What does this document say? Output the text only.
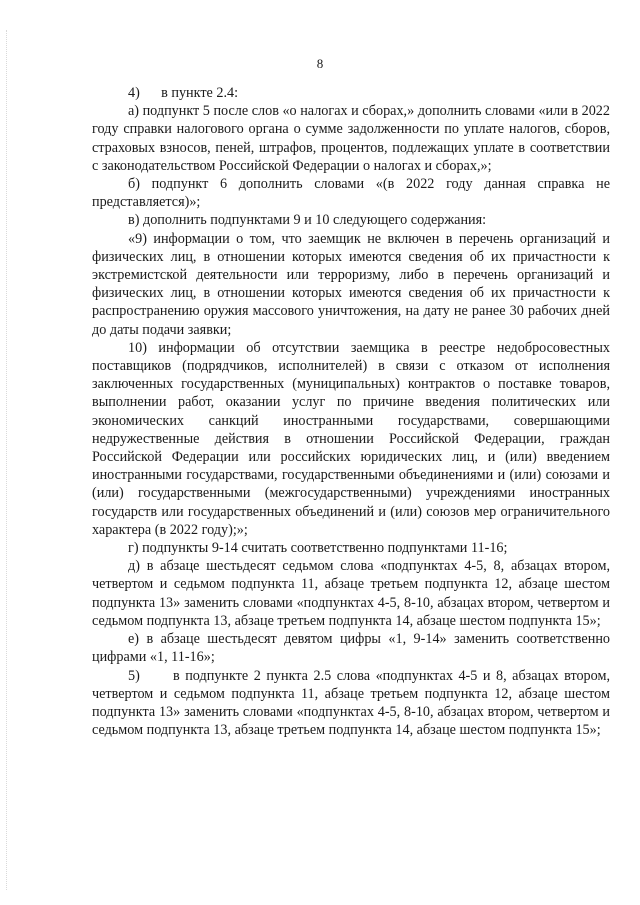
8

4)      в пункте 2.4:

а) подпункт 5 после слов «о налогах и сборах,» дополнить словами «или в 2022 году справки налогового органа о сумме задолженности по уплате налогов, сборов, страховых взносов, пеней, штрафов, процентов, подлежащих уплате в соответствии с законодательством Российской Федерации о налогах и сборах,»;

б) подпункт 6 дополнить словами «(в 2022 году данная справка не представляется)»;

в) дополнить подпунктами 9 и 10 следующего содержания:

«9) информации о том, что заемщик не включен в перечень организаций и физических лиц, в отношении которых имеются сведения об их причастности к экстремистской деятельности или терроризму, либо в перечень организаций и физических лиц, в отношении которых имеются сведения об их причастности к распространению оружия массового уничтожения, на дату не ранее 30 рабочих дней до даты подачи заявки;

10) информации об отсутствии заемщика в реестре недобросовестных поставщиков (подрядчиков, исполнителей) в связи с отказом от исполнения заключенных государственных (муниципальных) контрактов о поставке товаров, выполнении работ, оказании услуг по причине введения политических или экономических санкций иностранными государствами, совершающими недружественные действия в отношении Российской Федерации, граждан Российской Федерации или российских юридических лиц, и (или) введением иностранными государствами, государственными объединениями и (или) союзами и (или) государственными (межгосударственными) учреждениями иностранных государств или государственных объединений и (или) союзов мер ограничительного характера (в 2022 году);»;

г) подпункты 9-14 считать соответственно подпунктами 11-16;

д) в абзаце шестьдесят седьмом слова «подпунктах 4-5, 8, абзацах втором, четвертом и седьмом подпункта 11, абзаце третьем подпункта 12, абзаце шестом подпункта 13» заменить словами «подпунктах 4-5, 8-10, абзацах втором, четвертом и седьмом подпункта 13, абзаце третьем подпункта 14, абзаце шестом подпункта 15»;

е) в абзаце шестьдесят девятом цифры «1, 9-14» заменить соответственно цифрами «1, 11-16»;

5)      в подпункте 2 пункта 2.5 слова «подпунктах 4-5 и 8, абзацах втором, четвертом и седьмом подпункта 11, абзаце третьем подпункта 12, абзаце шестом подпункта 13» заменить словами «подпунктах 4-5, 8-10, абзацах втором, четвертом и седьмом подпункта 13, абзаце третьем подпункта 14, абзаце шестом подпункта 15»;
